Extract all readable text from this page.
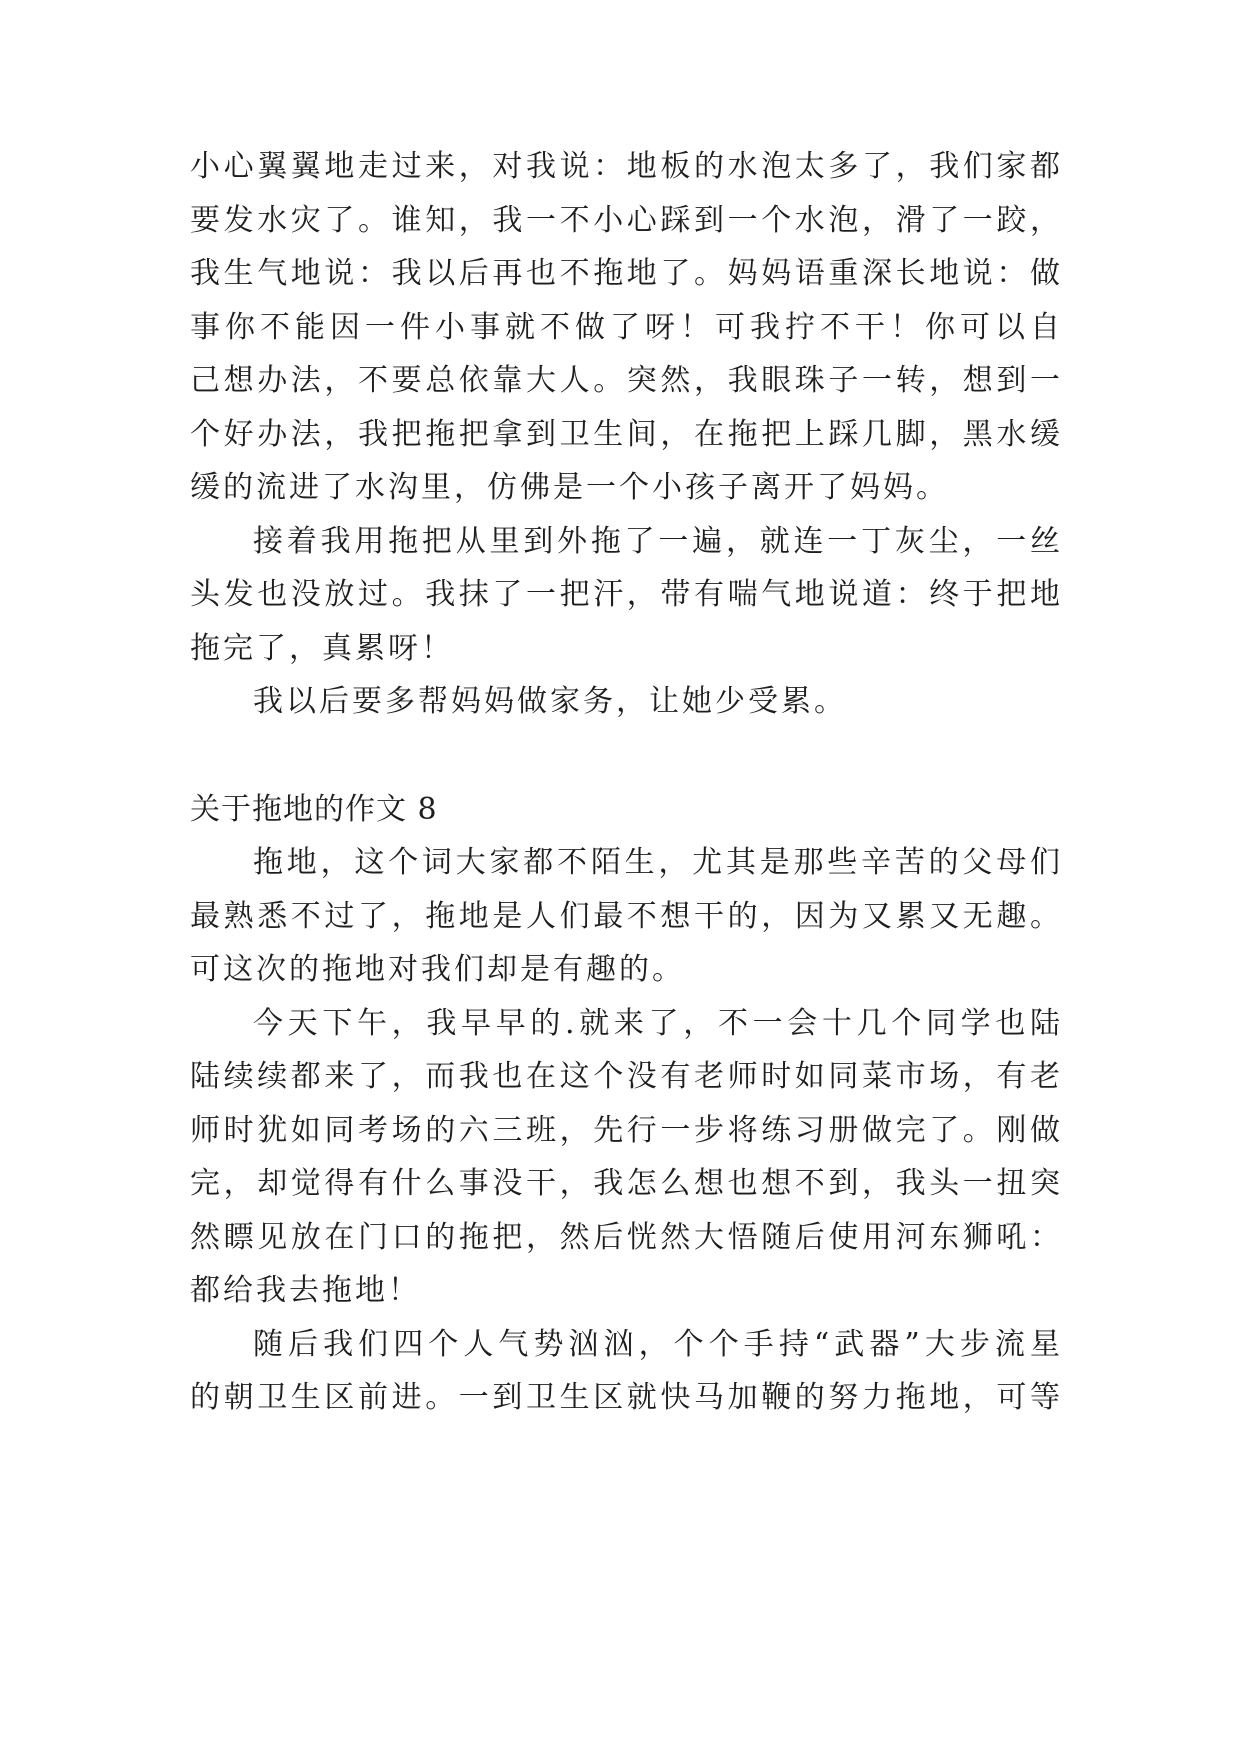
小心翼翼地走过来，对我说：地板的水泡太多了，我们家都

要发水灾了。谁知，我一不小心踩到一个水泡，滑了一跤，

我生气地说：我以后再也不拖地了。妈妈语重深长地说：做

事你不能因一件小事就不做了呀！可我拧不干！你可以自

己想办法，不要总依靠大人。突然，我眼珠子一转，想到一

个好办法，我把拖把拿到卫生间，在拖把上踩几脚，黑水缓

缓的流进了水沟里，仿佛是一个小孩子离开了妈妈。

接着我用拖把从里到外拖了一遍，就连一丁灰尘，一丝

头发也没放过。我抹了一把汗，带有喘气地说道：终于把地

拖完了，真累呀！

我以后要多帮妈妈做家务，让她少受累。

关于拖地的作文 8

拖地，这个词大家都不陌生，尤其是那些辛苦的父母们

最熟悉不过了，拖地是人们最不想干的，因为又累又无趣。

可这次的拖地对我们却是有趣的。

今天下午，我早早的.就来了，不一会十几个同学也陆

陆续续都来了，而我也在这个没有老师时如同菜市场，有老

师时犹如同考场的六三班，先行一步将练习册做完了。刚做

完，却觉得有什么事没干，我怎么想也想不到，我头一扭突

然瞟见放在门口的拖把，然后恍然大悟随后使用河东狮吼：

都给我去拖地！

随后我们四个人气势汹汹，个个手持“武器”大步流星

的朝卫生区前进。一到卫生区就快马加鞭的努力拖地，可等
